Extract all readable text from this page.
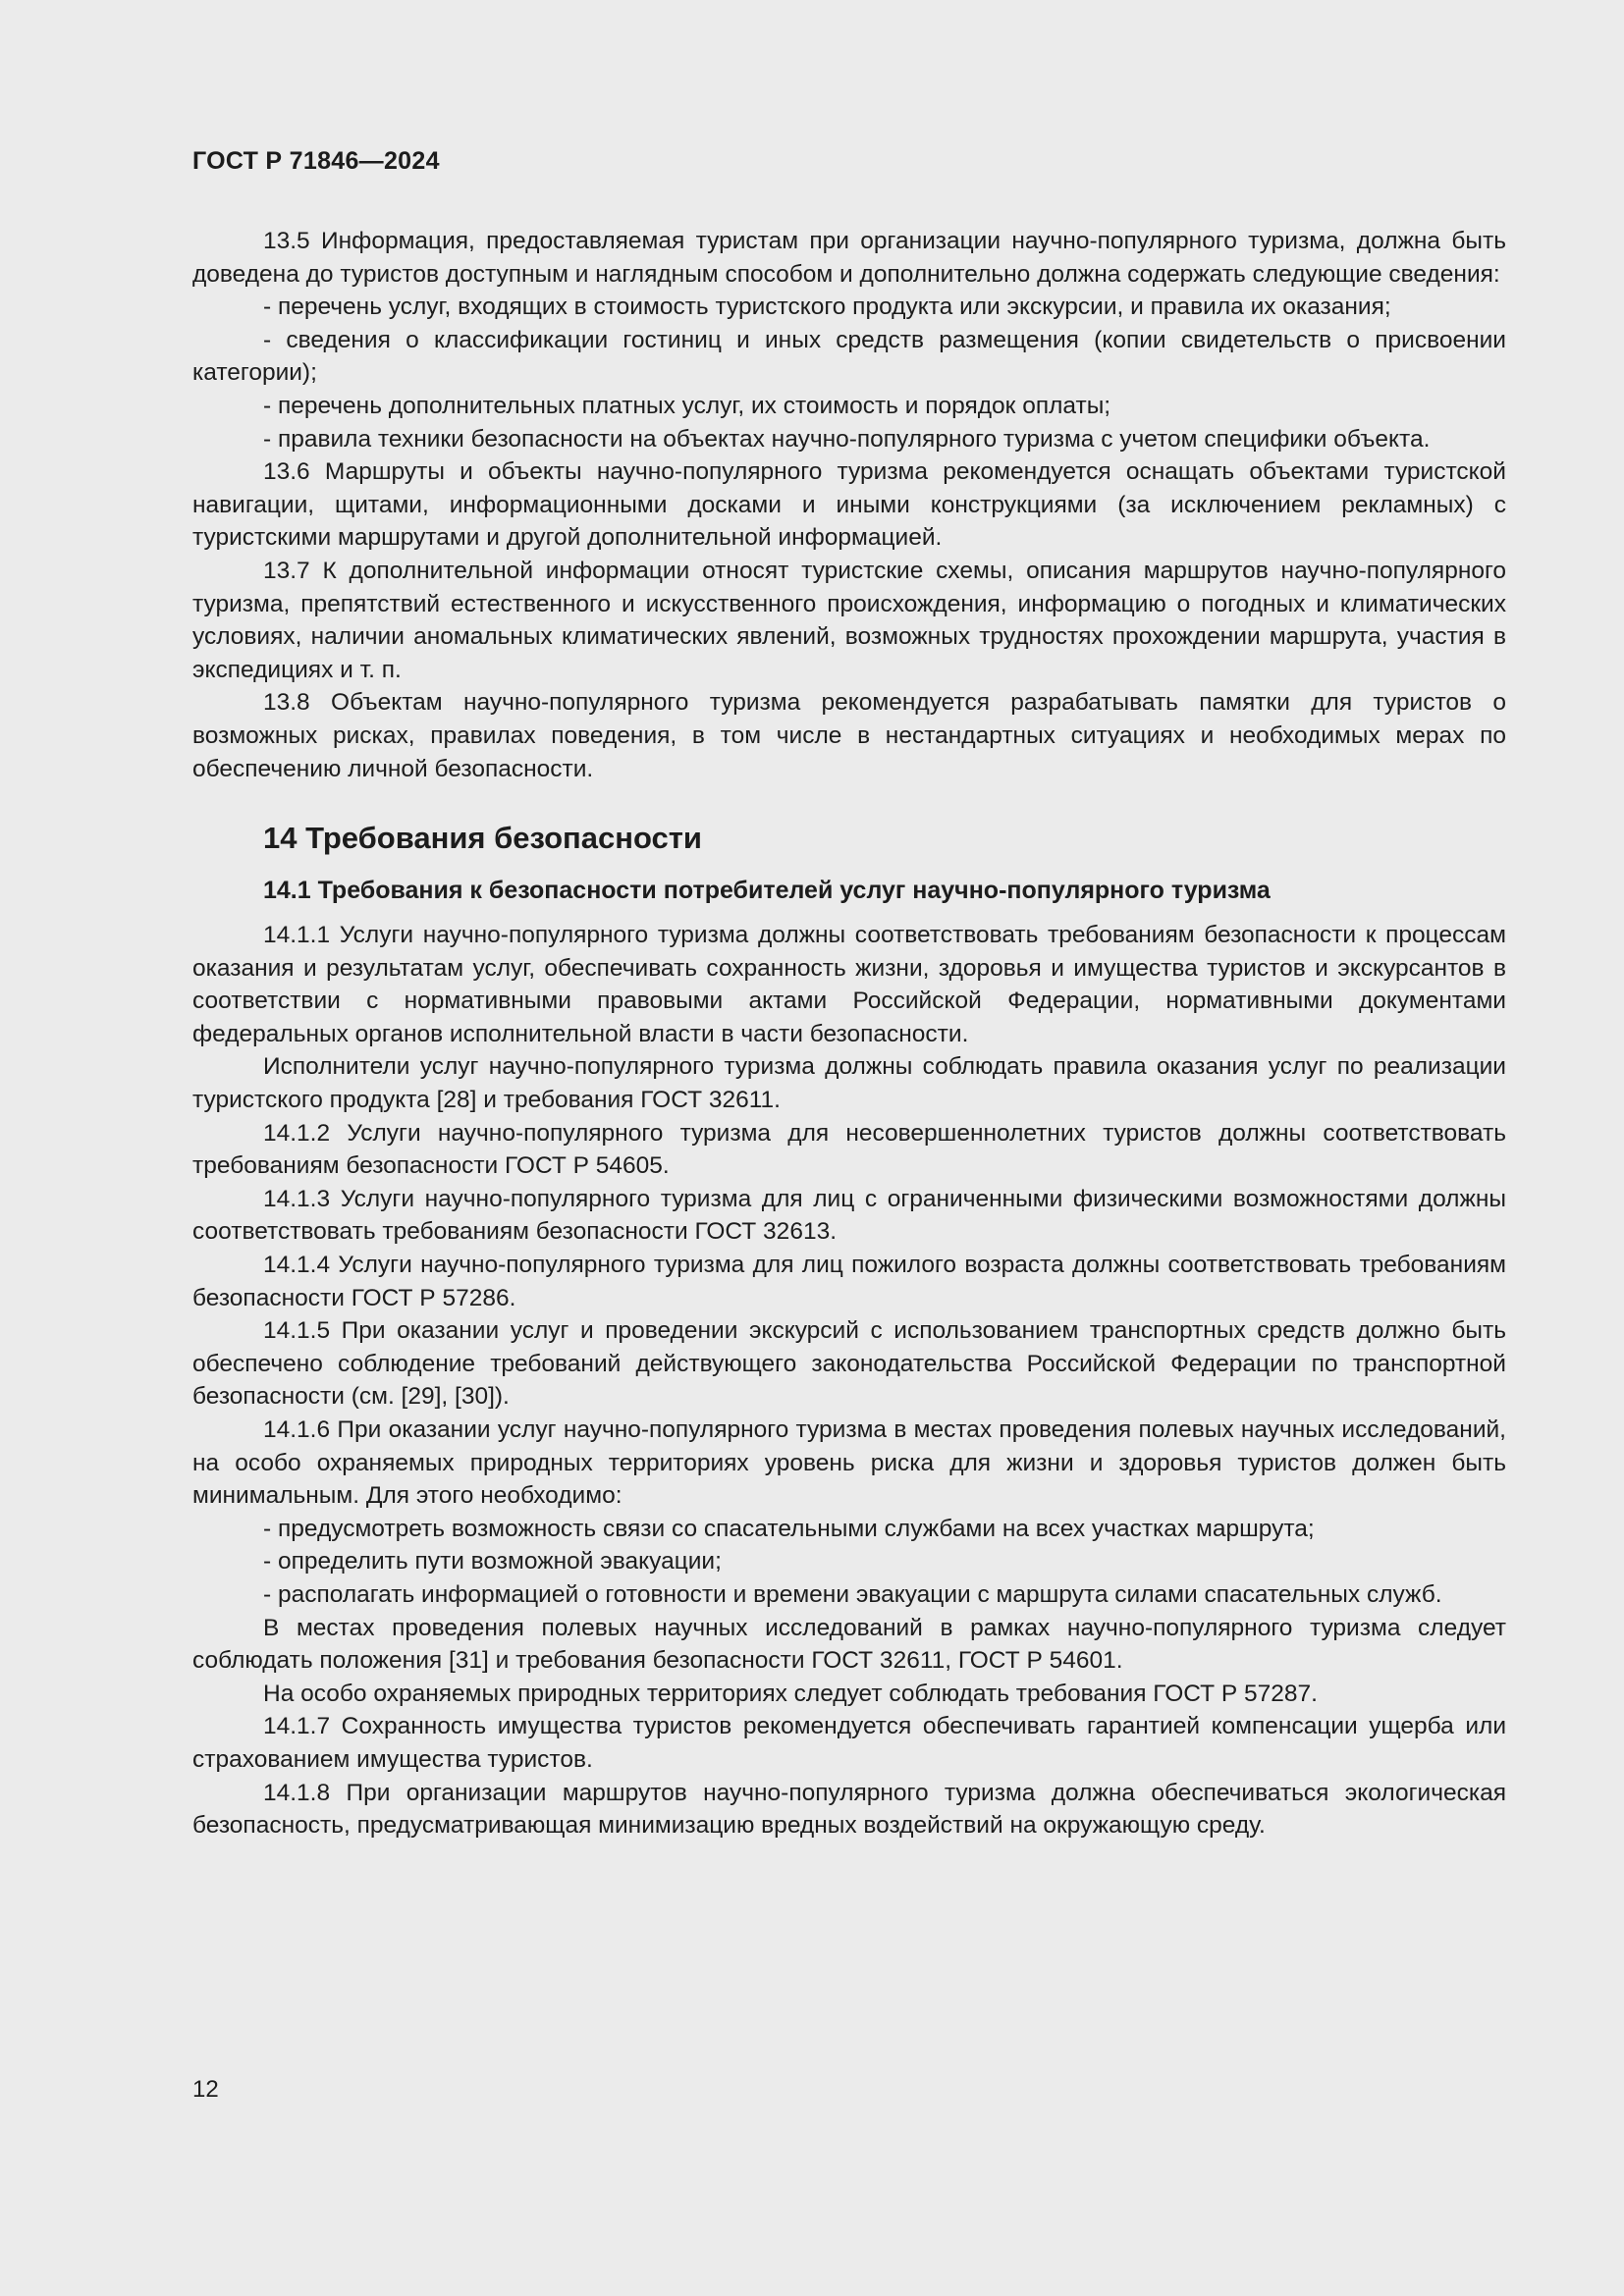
ГОСТ Р 71846—2024

13.5 Информация, предоставляемая туристам при организации научно-популярного туризма, должна быть доведена до туристов доступным и наглядным способом и дополнительно должна содержать следующие сведения:

- перечень услуг, входящих в стоимость туристского продукта или экскурсии, и правила их оказания;

- сведения о классификации гостиниц и иных средств размещения (копии свидетельств о присвоении категории);

- перечень дополнительных платных услуг, их стоимость и порядок оплаты;

- правила техники безопасности на объектах научно-популярного туризма с учетом специфики объекта.

13.6 Маршруты и объекты научно-популярного туризма рекомендуется оснащать объектами туристской навигации, щитами, информационными досками и иными конструкциями (за исключением рекламных) с туристскими маршрутами и другой дополнительной информацией.

13.7 К дополнительной информации относят туристские схемы, описания маршрутов научно-популярного туризма, препятствий естественного и искусственного происхождения, информацию о погодных и климатических условиях, наличии аномальных климатических явлений, возможных трудностях прохождении маршрута, участия в экспедициях и т. п.

13.8 Объектам научно-популярного туризма рекомендуется разрабатывать памятки для туристов о возможных рисках, правилах поведения, в том числе в нестандартных ситуациях и необходимых мерах по обеспечению личной безопасности.

14 Требования безопасности
14.1 Требования к безопасности потребителей услуг научно-популярного туризма

14.1.1 Услуги научно-популярного туризма должны соответствовать требованиям безопасности к процессам оказания и результатам услуг, обеспечивать сохранность жизни, здоровья и имущества туристов и экскурсантов в соответствии с нормативными правовыми актами Российской Федерации, нормативными документами федеральных органов исполнительной власти в части безопасности.

Исполнители услуг научно-популярного туризма должны соблюдать правила оказания услуг по реализации туристского продукта [28] и требования ГОСТ 32611.

14.1.2 Услуги научно-популярного туризма для несовершеннолетних туристов должны соответствовать требованиям безопасности ГОСТ Р 54605.

14.1.3 Услуги научно-популярного туризма для лиц с ограниченными физическими возможностями должны соответствовать требованиям безопасности ГОСТ 32613.

14.1.4 Услуги научно-популярного туризма для лиц пожилого возраста должны соответствовать требованиям безопасности ГОСТ Р 57286.

14.1.5 При оказании услуг и проведении экскурсий с использованием транспортных средств должно быть обеспечено соблюдение требований действующего законодательства Российской Федерации по транспортной безопасности (см. [29], [30]).

14.1.6 При оказании услуг научно-популярного туризма в местах проведения полевых научных исследований, на особо охраняемых природных территориях уровень риска для жизни и здоровья туристов должен быть минимальным. Для этого необходимо:

- предусмотреть возможность связи со спасательными службами на всех участках маршрута;

- определить пути возможной эвакуации;

- располагать информацией о готовности и времени эвакуации с маршрута силами спасательных служб.

В местах проведения полевых научных исследований в рамках научно-популярного туризма следует соблюдать положения [31] и требования безопасности ГОСТ 32611, ГОСТ Р 54601.

На особо охраняемых природных территориях следует соблюдать требования ГОСТ Р 57287.

14.1.7 Сохранность имущества туристов рекомендуется обеспечивать гарантией компенсации ущерба или страхованием имущества туристов.

14.1.8 При организации маршрутов научно-популярного туризма должна обеспечиваться экологическая безопасность, предусматривающая минимизацию вредных воздействий на окружающую среду.

12
